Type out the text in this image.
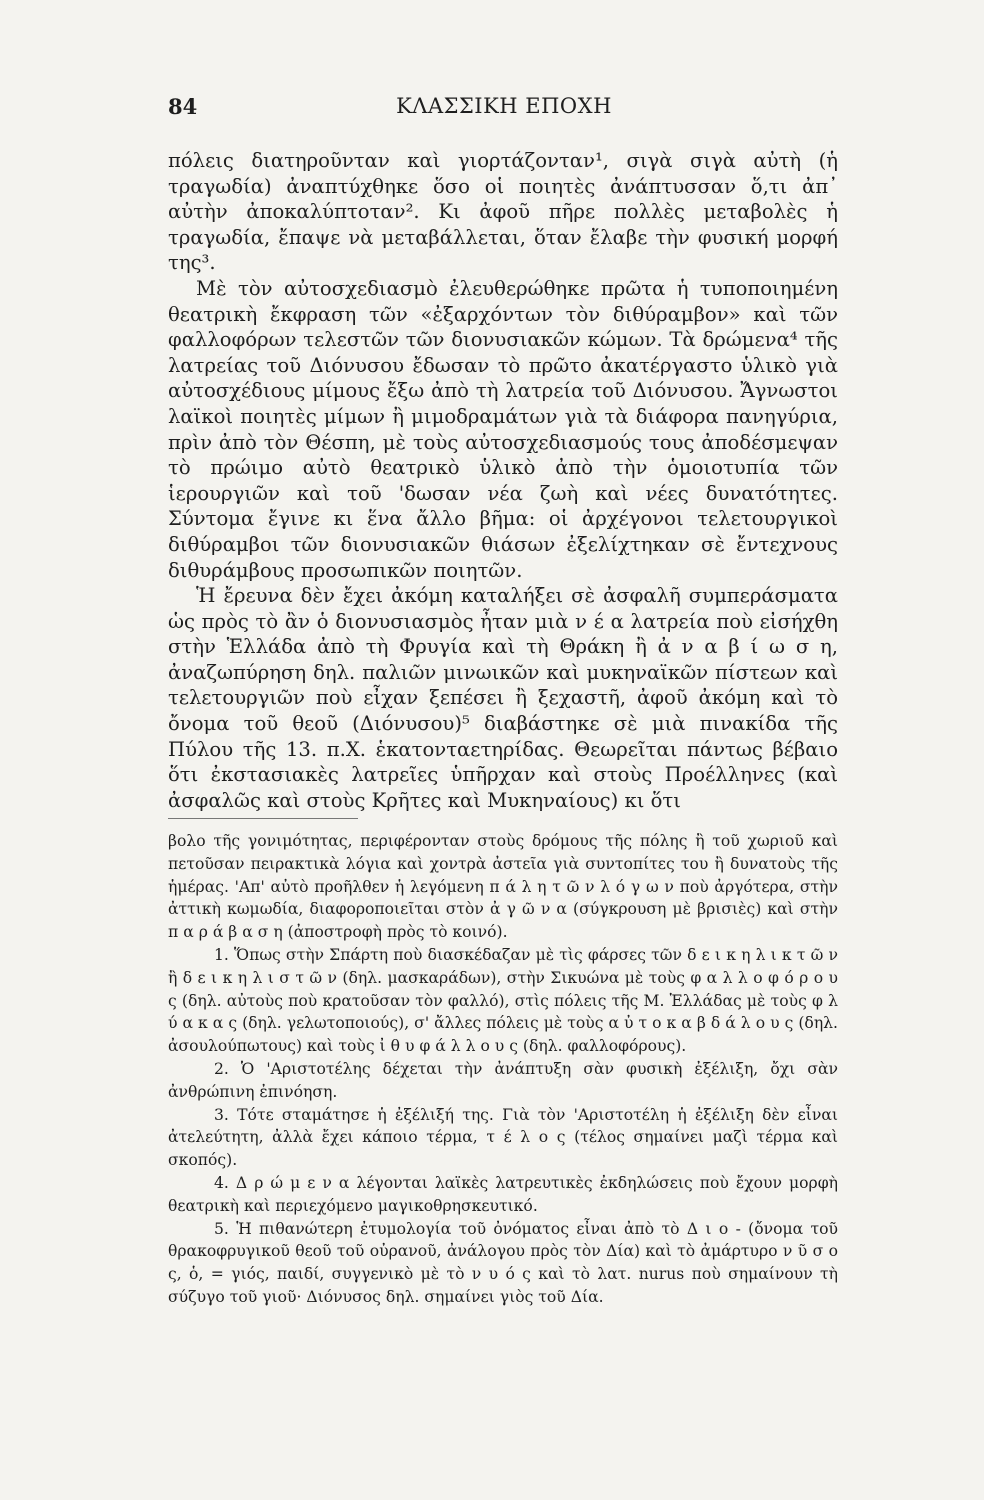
84	ΚΛΑΣΣΙΚΗ ΕΠΟΧΗ

πόλεις διατηροῦνταν καὶ γιορτάζονταν¹, σιγὰ σιγὰ αὐτὴ (ἡ τραγωδία) ἀναπτύχθηκε ὅσο οἱ ποιητὲς ἀνάπτυσσαν ὅ,τι ἀπ᾽ αὐτὴν ἀποκαλύπτοταν². Κι ἀφοῦ πῆρε πολλὲς μεταβολὲς ἡ τραγωδία, ἔπαψε νὰ μεταβάλλεται, ὅταν ἔλαβε τὴν φυσική μορφή της³.

Μὲ τὸν αὐτοσχεδιασμὸ ἐλευθερώθηκε πρῶτα ἡ τυποποιημένη θεατρικὴ ἔκφραση τῶν «ἐξαρχόντων τὸν διθύραμβον» καὶ τῶν φαλλοφόρων τελεστῶν τῶν διονυσιακῶν κώμων. Τὰ δρώμενα⁴ τῆς λατρείας τοῦ Διόνυσου ἔδωσαν τὸ πρῶτο ἀκατέργαστο ὑλικὸ γιὰ αὐτοσχέδιους μίμους ἔξω ἀπὸ τὴ λατρεία τοῦ Διόνυσου. Ἄγνωστοι λαϊκοὶ ποιητὲς μίμων ἢ μιμοδραμάτων γιὰ τὰ διάφορα πανηγύρια, πρὶν ἀπὸ τὸν Θέσπη, μὲ τοὺς αὐτοσχεδιασμούς τους ἀποδέσμεψαν τὸ πρώιμο αὐτὸ θεατρικὸ ὑλικὸ ἀπὸ τὴν ὁμοιοτυπία τῶν ἱερουργιῶν καὶ τοῦ 'δωσαν νέα ζωὴ καὶ νέες δυνατότητες. Σύντομα ἔγινε κι ἕνα ἄλλο βῆμα: οἱ ἀρχέγονοι τελετουργικοὶ διθύραμβοι τῶν διονυσιακῶν θιάσων ἐξελίχτηκαν σὲ ἔντεχνους διθυράμβους προσωπικῶν ποιητῶν.

Ἡ ἔρευνα δὲν ἔχει ἀκόμη καταλήξει σὲ ἀσφαλῆ συμπεράσματα ὡς πρὸς τὸ ἂν ὁ διονυσιασμὸς ἦταν μιὰ ν έ α λατρεία ποὺ εἰσήχθη στὴν Ἑλλάδα ἀπὸ τὴ Φρυγία καὶ τὴ Θράκη ἢ ἀ ν α β ί ω σ η, ἀναζωπύρηση δηλ. παλιῶν μινωικῶν καὶ μυκηναϊκῶν πίστεων καὶ τελετουργιῶν ποὺ εἶχαν ξεπέσει ἢ ξεχαστῆ, ἀφοῦ ἀκόμη καὶ τὸ ὄνομα τοῦ θεοῦ (Διόνυσου)⁵ διαβάστηκε σὲ μιὰ πινακίδα τῆς Πύλου τῆς 13. π.Χ. ἑκατονταετηρίδας. Θεωρεῖται πάντως βέβαιο ὅτι ἐκστασιακὲς λατρεῖες ὑπῆρχαν καὶ στοὺς Προέλληνες (καὶ ἀσφαλῶς καὶ στοὺς Κρῆτες καὶ Μυκηναίους) κι ὅτι

βολο τῆς γονιμότητας, περιφέρονταν στοὺς δρόμους τῆς πόλης ἢ τοῦ χωριοῦ καὶ πετοῦσαν πειρακτικὰ λόγια καὶ χοντρὰ ἀστεῖα γιὰ συντοπίτες του ἢ δυνατοὺς τῆς ἡμέρας. 'Απ' αὐτὸ προῆλθεν ἡ λεγόμενη π ά λ η τ ῶ ν λ ό γ ω ν ποὺ ἀργότερα, στὴν ἀττικὴ κωμωδία, διαφοροποιεῖται στὸν ἀ γ ῶ ν α (σύγκρουση μὲ βρισιὲς) καὶ στὴν π α ρ ά β α σ η (ἀποστροφὴ πρὸς τὸ κοινό).

1. Ὅπως στὴν Σπάρτη ποὺ διασκέδαζαν μὲ τὶς φάρσες τῶν δ ε ι κ η λ ι κ τ ῶ ν ἢ δ ε ι κ η λ ι σ τ ῶ ν (δηλ. μασκαράδων), στὴν Σικυώνα μὲ τοὺς φ α λ λ ο φ ό ρ ο υ ς (δηλ. αὐτοὺς ποὺ κρατοῦσαν τὸν φαλλό), στὶς πόλεις τῆς Μ. Ἑλλάδας μὲ τοὺς φ λ ύ α κ α ς (δηλ. γελωτοποιούς), σ' ἄλλες πόλεις μὲ τοὺς α ὐ τ ο κ α β δ ά λ ο υ ς (δηλ. ἀσουλούπωτους) καὶ τοὺς ἰ θ υ φ ά λ λ ο υ ς (δηλ. φαλλοφόρους).

2. Ὁ 'Αριστοτέλης δέχεται τὴν ἀνάπτυξη σὰν φυσικὴ ἐξέλιξη, ὄχι σὰν ἀνθρώπινη ἐπινόηση.

3. Τότε σταμάτησε ἡ ἐξέλιξή της. Γιὰ τὸν 'Αριστοτέλη ἡ ἐξέλιξη δὲν εἶναι ἀτελεύτητη, ἀλλὰ ἔχει κάποιο τέρμα, τ έ λ ο ς (τέλος σημαίνει μαζὶ τέρμα καὶ σκοπός).

4. Δ ρ ώ μ ε ν α λέγονται λαϊκὲς λατρευτικὲς ἐκδηλώσεις ποὺ ἔχουν μορφὴ θεατρικὴ καὶ περιεχόμενο μαγικοθρησκευτικό.

5. Ἡ πιθανώτερη ἐτυμολογία τοῦ ὀνόματος εἶναι ἀπὸ τὸ Δ ι ο - (ὄνομα τοῦ θρακοφρυγικοῦ θεοῦ τοῦ οὐρανοῦ, ἀνάλογου πρὸς τὸν Δία) καὶ τὸ ἀμάρτυρο ν ῦ σ ο ς, ὁ, = γιός, παιδί, συγγενικὸ μὲ τὸ ν υ ό ς καὶ τὸ λατ. nurus ποὺ σημαίνουν τὴ σύζυγο τοῦ γιοῦ· Διόνυσος δηλ. σημαίνει γιὸς τοῦ Δία.
